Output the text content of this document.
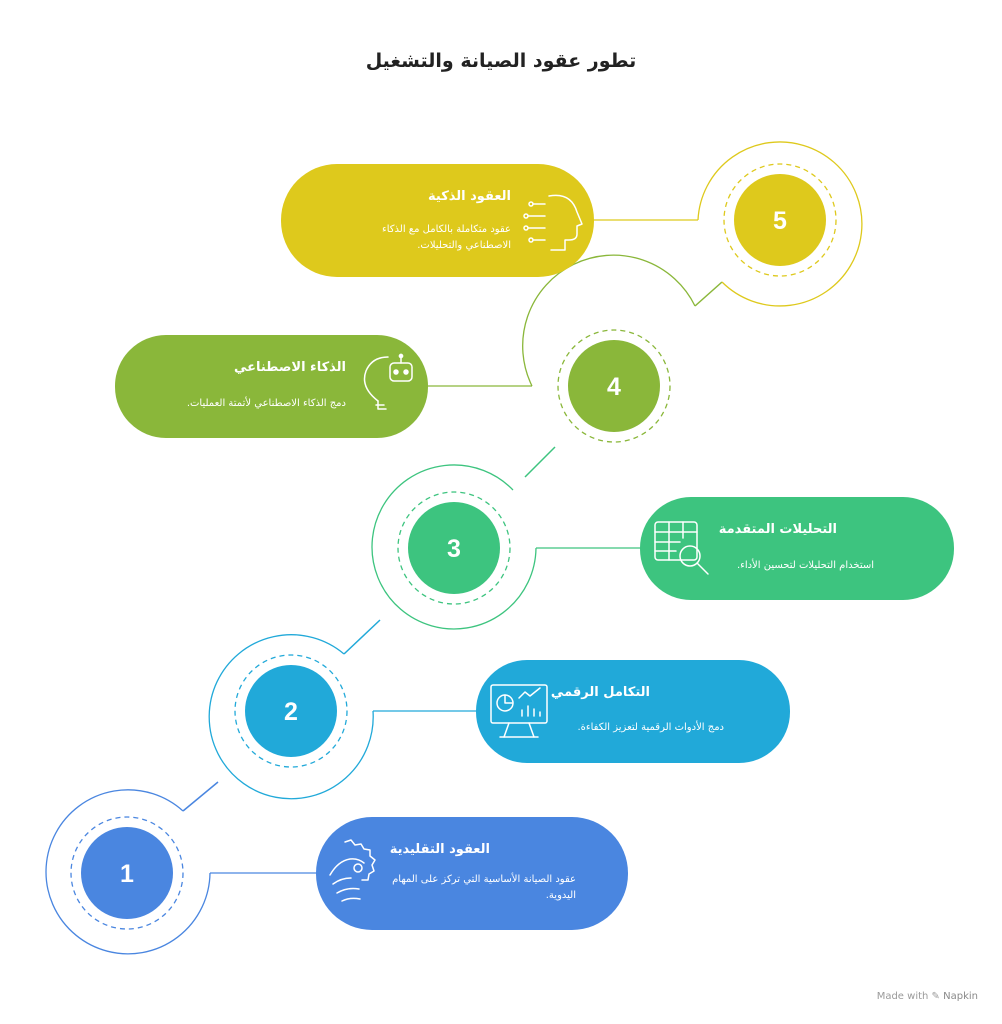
1
2
3
4
5
تطور عقود الصيانة والتشغيل
العقود التقليدية
عقود الصيانة الأساسية التي تركز على المهام اليدوية.
التكامل الرقمي
دمج الأدوات الرقمية لتعزيز الكفاءة.
التحليلات المتقدمة
استخدام التحليلات لتحسين الأداء.
الذكاء الاصطناعي
دمج الذكاء الاصطناعي لأتمتة العمليات.
العقود الذكية
عقود متكاملة بالكامل مع الذكاء الاصطناعي والتحليلات.
Made with ✎ Napkin
